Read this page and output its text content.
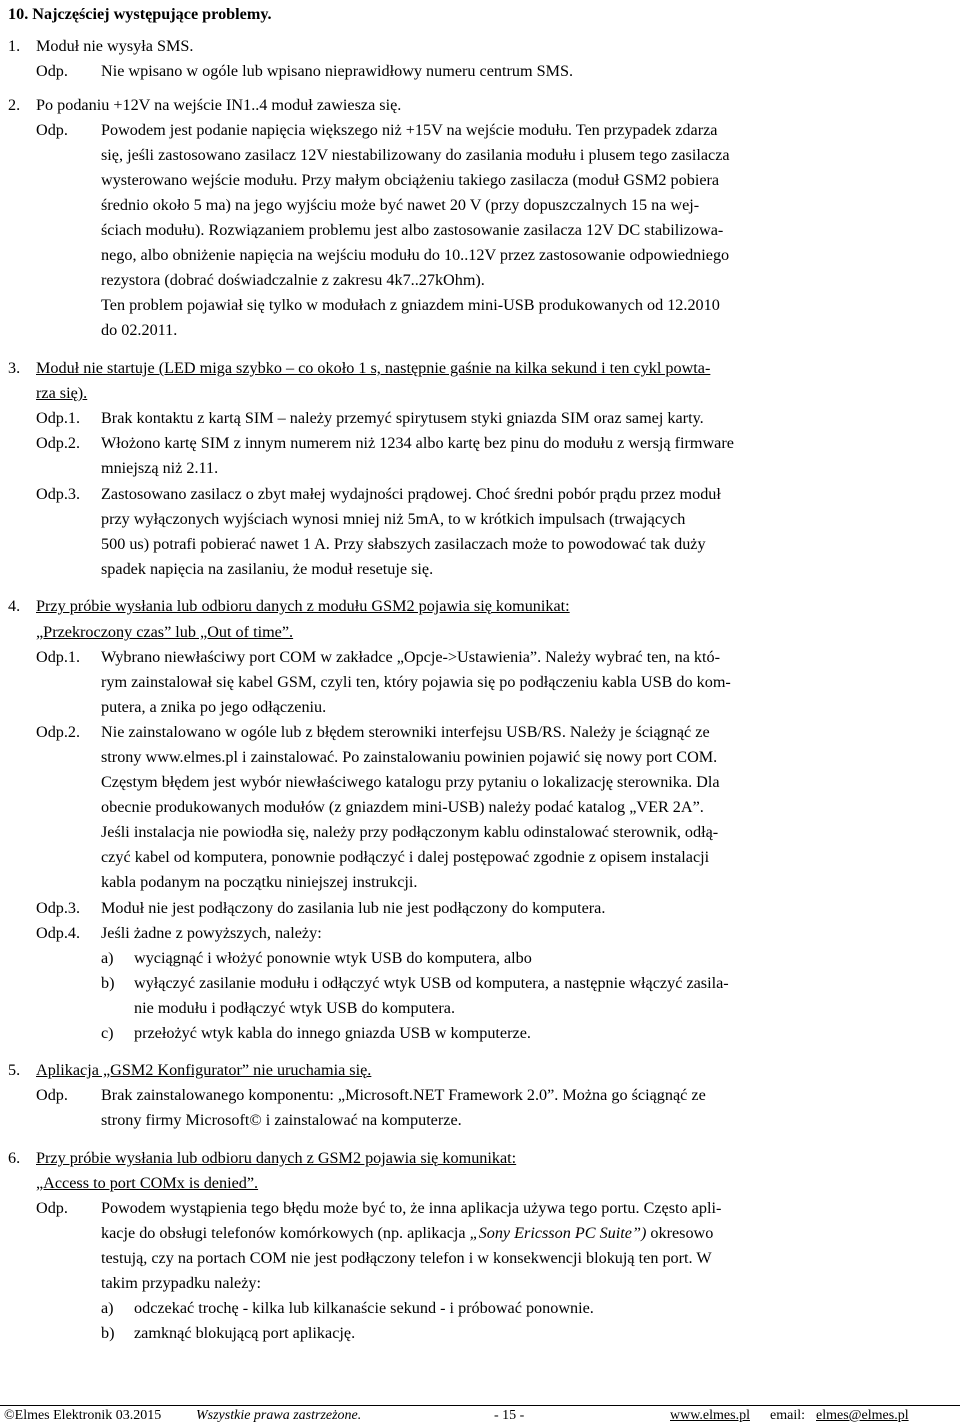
10. Najczęściej występujące problemy.
1. Moduł nie wysyła SMS.
Odp. Nie wpisano w ogóle lub wpisano nieprawidłowy numeru centrum SMS.
2. Po podaniu +12V na wejście IN1..4 moduł zawiesza się.
Odp. Powodem jest podanie napięcia większego niż +15V na wejście modułu. Ten przypadek zdarza
się, jeśli zastosowano zasilacz 12V niestabilizowany do zasilania modułu i plusem tego zasilacza
wysterowano wejście modułu. Przy małym obciążeniu takiego zasilacza (moduł GSM2 pobiera
średnio około 5 ma) na jego wyjściu może być nawet 20 V (przy dopuszczalnych 15 na wej-
ściach modułu). Rozwiązaniem problemu jest albo zastosowanie zasilacza 12V DC stabilizowa-
nego, albo obniżenie napięcia na wejściu modułu do 10..12V przez zastosowanie odpowiedniego
rezystora (dobrać doświadczalnie z zakresu 4k7..27kOhm).
Ten problem pojawiał się tylko w modułach z gniazdem mini-USB produkowanych od 12.2010
do 02.2011.
3. Moduł nie startuje (LED miga szybko – co około 1 s, następnie gaśnie na kilka sekund i ten cykl powta-
rza się).
Odp.1. Brak kontaktu z kartą SIM – należy przemyć spirytusem styki gniazda SIM oraz samej karty.
Odp.2. Włożono kartę SIM z innym numerem niż 1234 albo kartę bez pinu do modułu z wersją firmware
mniejszą niż 2.11.
Odp.3. Zastosowano zasilacz o zbyt małej wydajności prądowej. Choć średni pobór prądu przez moduł
przy wyłączonych wyjściach wynosi mniej niż 5mA, to w krótkich impulsach (trwających
500 us) potrafi pobierać nawet 1 A. Przy słabszych zasilaczach może to powodować tak duży
spadek napięcia na zasilaniu, że moduł resetuje się.
4. Przy próbie wysłania lub odbioru danych z modułu GSM2 pojawia się komunikat:
„Przekroczony czas” lub „Out of time”.
Odp.1. Wybrano niewłaściwy port COM w zakładce „Opcje->Ustawienia”. Należy wybrać ten, na któ-
rym zainstalował się kabel GSM, czyli ten, który pojawia się po podłączeniu kabla USB do kom-
putera, a znika po jego odłączeniu.
Odp.2. Nie zainstalowano w ogóle lub z błędem sterowniki interfejsu USB/RS. Należy je ściągnąć ze
strony www.elmes.pl i zainstalować. Po zainstalowaniu powinien pojawić się nowy port COM.
Częstym błędem jest wybór niewłaściwego katalogu przy pytaniu o lokalizację sterownika. Dla
obecnie produkowanych modułów (z gniazdem mini-USB) należy podać katalog „VER 2A”.
Jeśli instalacja nie powiodła się, należy przy podłączonym kablu odinstalować sterownik, odłą-
czyć kabel od komputera, ponownie podłączyć i dalej postępować zgodnie z opisem instalacji
kabla podanym na początku niniejszej instrukcji.
Odp.3. Moduł nie jest podłączony do zasilania lub nie jest podłączony do komputera.
Odp.4. Jeśli żadne z powyższych, należy:
a) wyciągnąć i włożyć ponownie wtyk USB do komputera, albo
b) wyłączyć zasilanie modułu i odłączyć wtyk USB od komputera, a następnie włączyć zasila-
nie modułu i podłączyć wtyk USB do komputera.
c) przełożyć wtyk kabla do innego gniazda USB w komputerze.
5. Aplikacja „GSM2 Konfigurator” nie uruchamia się.
Odp. Brak zainstalowanego komponentu: „Microsoft.NET Framework 2.0”. Można go ściągnąć ze
strony firmy Microsoft© i zainstalować na komputerze.
6. Przy próbie wysłania lub odbioru danych z GSM2 pojawia się komunikat:
„Access to port COMx is denied”.
Odp. Powodem wystąpienia tego błędu może być to, że inna aplikacja używa tego portu. Często apli-
kacje do obsługi telefonów komórkowych (np. aplikacja „Sony Ericsson PC Suite”) okresowo
testują, czy na portach COM nie jest podłączony telefon i w konsekwencji blokują ten port. W
takim przypadku należy:
a) odczekać trochę - kilka lub kilkanaście sekund - i próbować ponownie.
b) zamknąć blokującą port aplikację.
©Elmes Elektronik 03.2015 Wszystkie prawa zastrzeżone.	- 15 -	www.elmes.pl email: elmes@elmes.pl
